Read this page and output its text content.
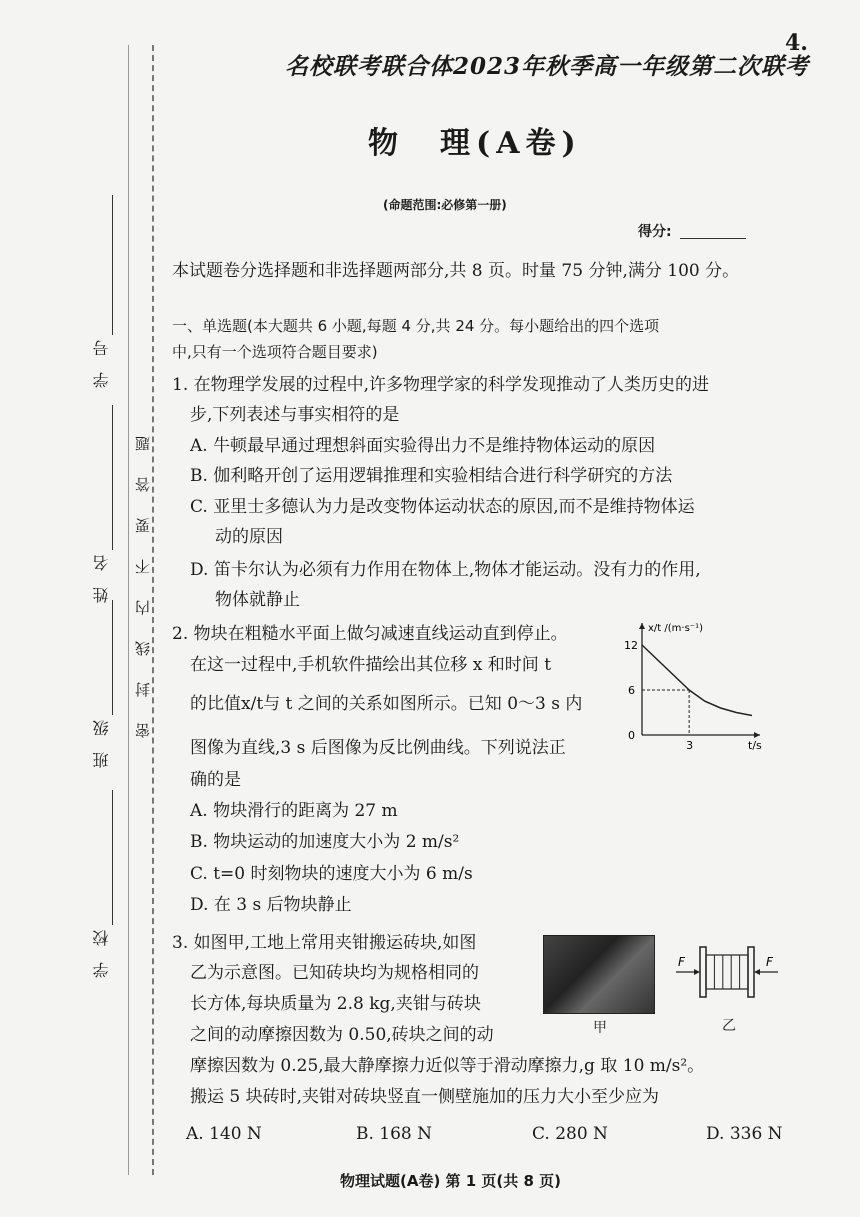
4.
名校联考联合体2023年秋季高一年级第二次联考
物　理(A卷)
(命题范围:必修第一册)
得分:
学　号
姓　名
班　级
学　校
密封线内不要答题
本试题卷分选择题和非选择题两部分,共 8 页。时量 75 分钟,满分 100 分。
一、单选题(本大题共 6 小题,每题 4 分,共 24 分。每小题给出的四个选项
中,只有一个选项符合题目要求)
1. 在物理学发展的过程中,许多物理学家的科学发现推动了人类历史的进
步,下列表述与事实相符的是
A. 牛顿最早通过理想斜面实验得出力不是维持物体运动的原因
B. 伽利略开创了运用逻辑推理和实验相结合进行科学研究的方法
C. 亚里士多德认为力是改变物体运动状态的原因,而不是维持物体运
动的原因
D. 笛卡尔认为必须有力作用在物体上,物体才能运动。没有力的作用,
物体就静止
2. 物块在粗糙水平面上做匀减速直线运动直到停止。
在这一过程中,手机软件描绘出其位移 x 和时间 t
的比值x/t与 t 之间的关系如图所示。已知 0～3 s 内
图像为直线,3 s 后图像为反比例曲线。下列说法正
确的是
A. 物块滑行的距离为 27 m
B. 物块运动的加速度大小为 2 m/s²
C. t=0 时刻物块的速度大小为 6 m/s
D. 在 3 s 后物块静止
x/t /(m·s⁻¹)
t/s
12
6
0
3
3. 如图甲,工地上常用夹钳搬运砖块,如图
乙为示意图。已知砖块均为规格相同的
长方体,每块质量为 2.8 kg,夹钳与砖块
之间的动摩擦因数为 0.50,砖块之间的动
摩擦因数为 0.25,最大静摩擦力近似等于滑动摩擦力,g 取 10 m/s²。
搬运 5 块砖时,夹钳对砖块竖直一侧壁施加的压力大小至少应为
甲
F	F
乙
A. 140 N	B. 168 N	C. 280 N	D. 336 N
物理试题(A卷) 第 1 页(共 8 页)
